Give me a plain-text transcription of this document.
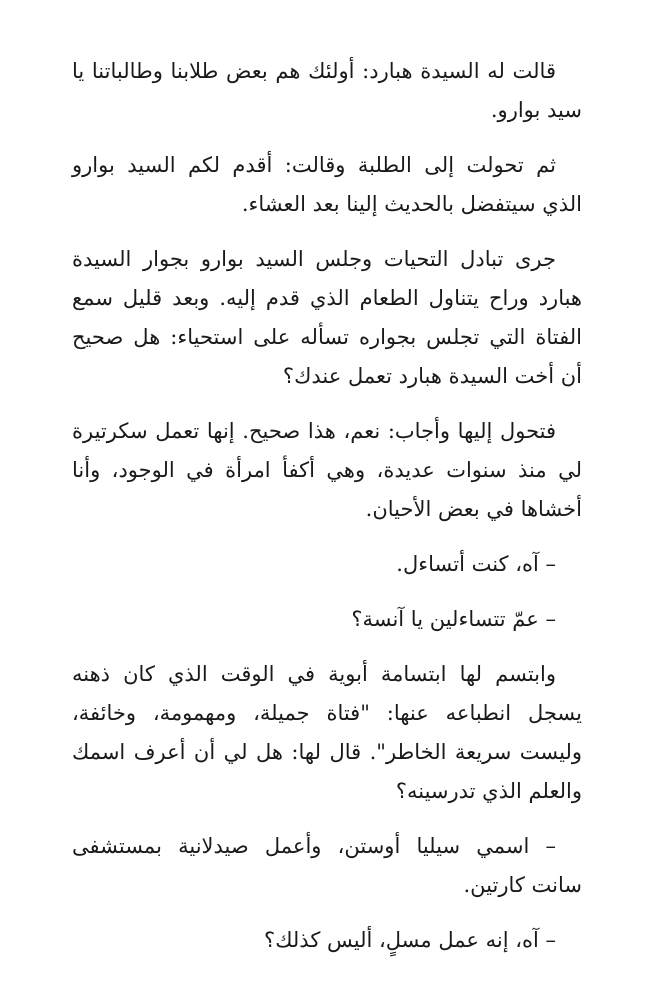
قالت له السيدة هبارد: أولئك هم بعض طلابنا وطالباتنا يا سيد بوارو.

ثم تحولت إلى الطلبة وقالت: أقدم لكم السيد بوارو الذي سيتفضل بالحديث إلينا بعد العشاء.

جرى تبادل التحيات وجلس السيد بوارو بجوار السيدة هبارد وراح يتناول الطعام الذي قدم إليه. وبعد قليل سمع الفتاة التي تجلس بجواره تسأله على استحياء: هل صحيح أن أخت السيدة هبارد تعمل عندك؟

فتحول إليها وأجاب: نعم، هذا صحيح. إنها تعمل سكرتيرة لي منذ سنوات عديدة، وهي أكفأ امرأة في الوجود، وأنا أخشاها في بعض الأحيان.

– آه، كنت أتساءل.

– عمّ تتساءلين يا آنسة؟

وابتسم لها ابتسامة أبوية في الوقت الذي كان ذهنه يسجل انطباعه عنها: "فتاة جميلة، ومهمومة، وخائفة، وليست سريعة الخاطر". قال لها: هل لي أن أعرف اسمك والعلم الذي تدرسينه؟

– اسمي سيليا أوستن، وأعمل صيدلانية بمستشفى سانت كارتين.

– آه، إنه عمل مسلٍ، أليس كذلك؟
